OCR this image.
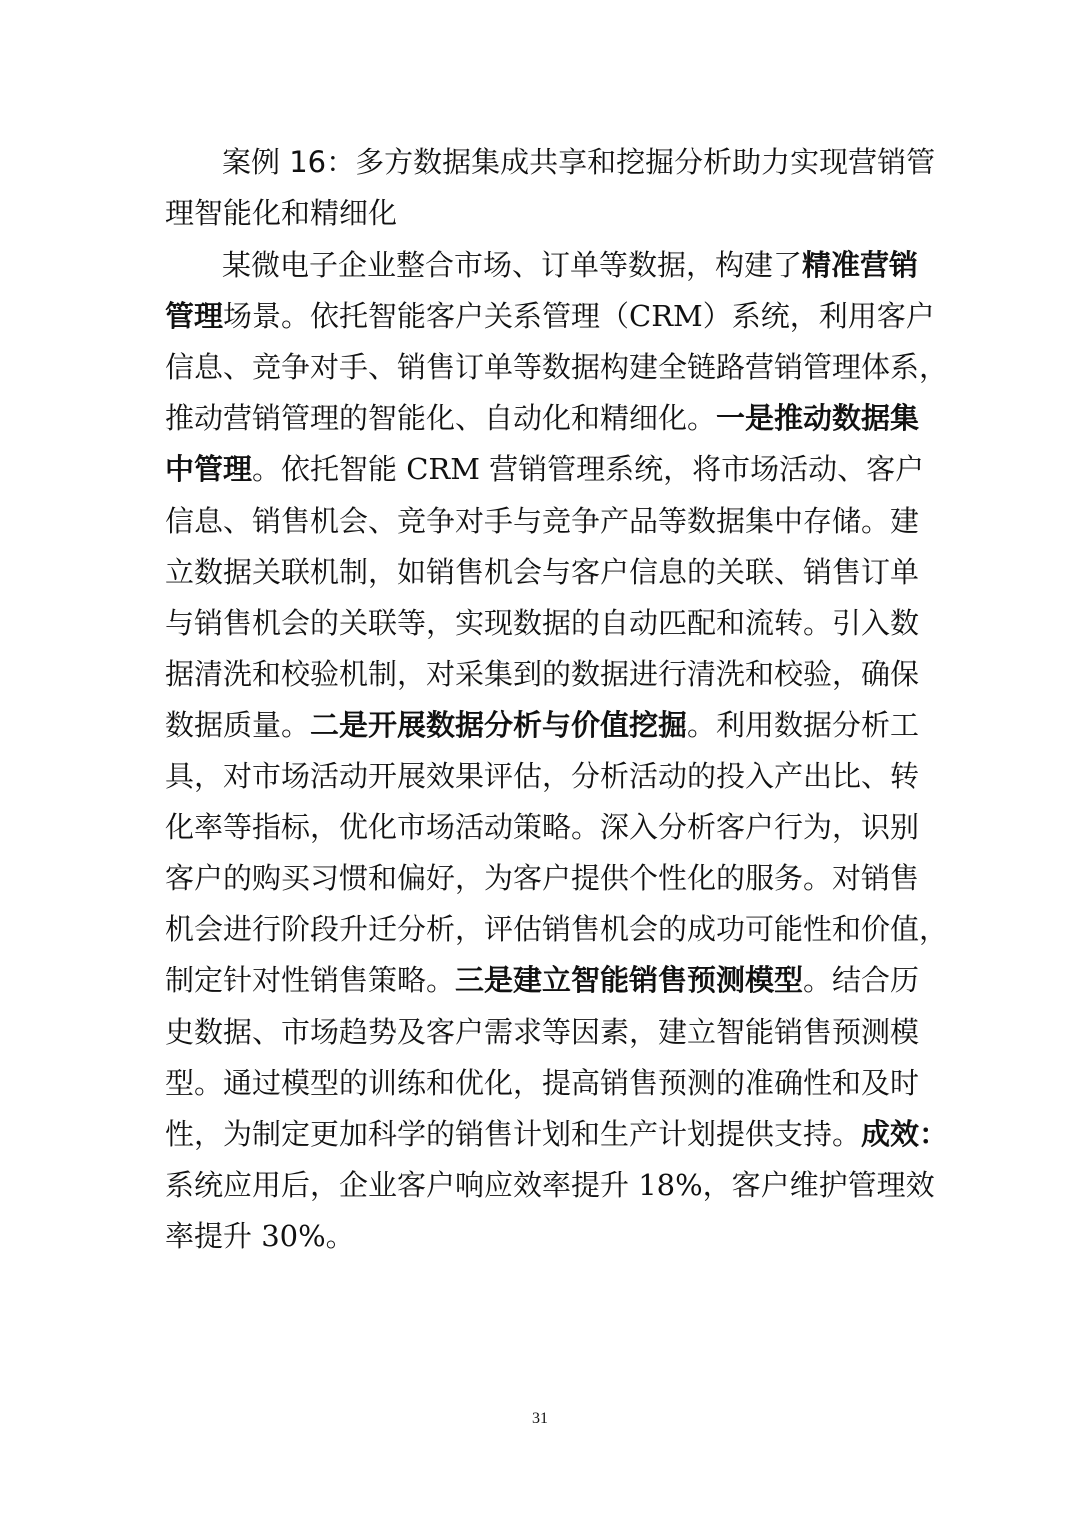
案例 16：多方数据集成共享和挖掘分析助力实现营销管
理智能化和精细化
某微电子企业整合市场、订单等数据，构建了精准营销
管理场景。依托智能客户关系管理（CRM）系统，利用客户
信息、竞争对手、销售订单等数据构建全链路营销管理体系，
推动营销管理的智能化、自动化和精细化。一是推动数据集
中管理。依托智能 CRM 营销管理系统，将市场活动、客户
信息、销售机会、竞争对手与竞争产品等数据集中存储。建
立数据关联机制，如销售机会与客户信息的关联、销售订单
与销售机会的关联等，实现数据的自动匹配和流转。引入数
据清洗和校验机制，对采集到的数据进行清洗和校验，确保
数据质量。二是开展数据分析与价值挖掘。利用数据分析工
具，对市场活动开展效果评估，分析活动的投入产出比、转
化率等指标，优化市场活动策略。深入分析客户行为，识别
客户的购买习惯和偏好，为客户提供个性化的服务。对销售
机会进行阶段升迁分析，评估销售机会的成功可能性和价值，
制定针对性销售策略。三是建立智能销售预测模型。结合历
史数据、市场趋势及客户需求等因素，建立智能销售预测模
型。通过模型的训练和优化，提高销售预测的准确性和及时
性，为制定更加科学的销售计划和生产计划提供支持。成效：
系统应用后，企业客户响应效率提升 18%，客户维护管理效
率提升 30%。
31
